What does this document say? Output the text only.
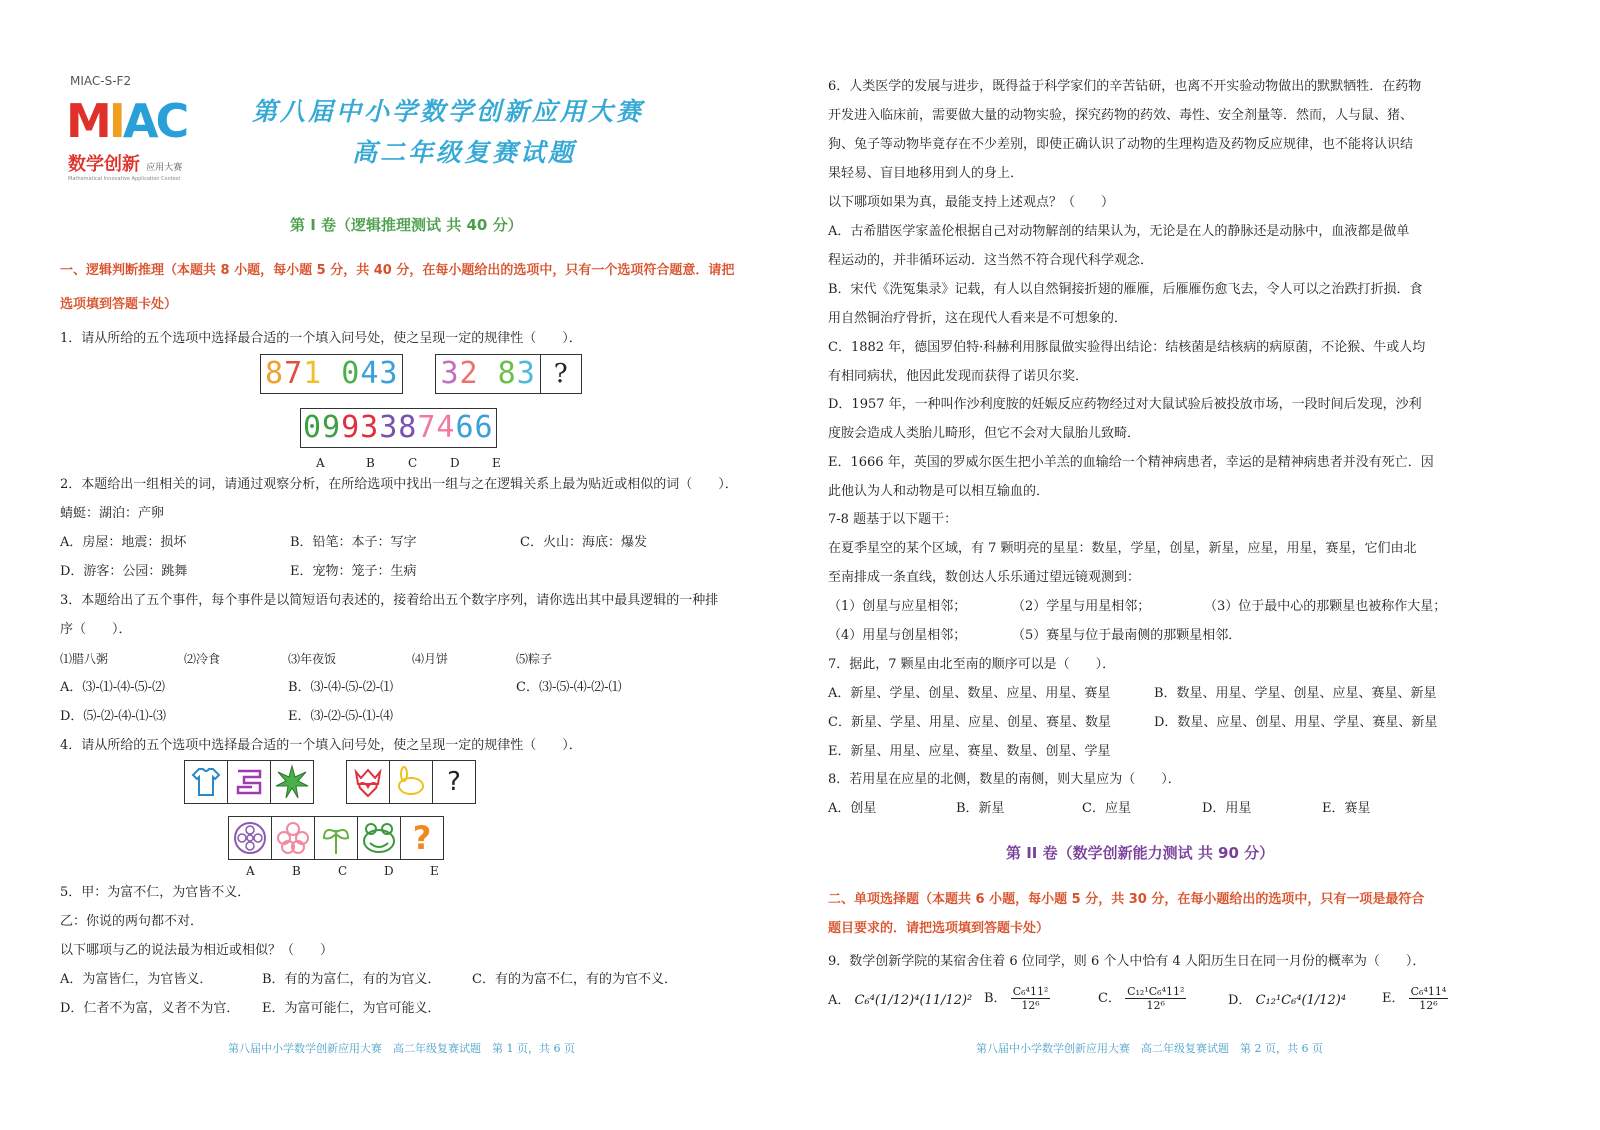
MIAC-S-F2
MIAC
数学创新 应用大赛
Mathematical Innovative Application Contest
第八届中小学数学创新应用大赛
高二年级复赛试题
第 I 卷（逻辑推理测试 共 40 分）
一、逻辑判断推理（本题共 8 小题，每小题 5 分，共 40 分，在每小题给出的选项中，只有一个选项符合题意．请把
选项填到答题卡处）
1．请从所给的五个选项中选择最合适的一个填入问号处，使之呈现一定的规律性（　　）．
871 043 32 83 ?
0993387466
A	B	C	D	E
2．本题给出一组相关的词，请通过观察分析，在所给选项中找出一组与之在逻辑关系上最为贴近或相似的词（　　）．
蜻蜓：湖泊：产卵
A．房屋：地震：损坏	B．铅笔：本子：写字	C．火山：海底：爆发
D．游客：公园：跳舞	E．宠物：笼子：生病
3．本题给出了五个事件，每个事件是以简短语句表述的，接着给出五个数字序列，请你选出其中最具逻辑的一种排
序（　　）．
⑴腊八粥	⑵冷食	⑶年夜饭	⑷月饼	⑸粽子
A．⑶-⑴-⑷-⑸-⑵	B．⑶-⑷-⑸-⑵-⑴	C．⑶-⑸-⑷-⑵-⑴
D．⑸-⑵-⑷-⑴-⑶	E．⑶-⑵-⑸-⑴-⑷
4．请从所给的五个选项中选择最合适的一个填入问号处，使之呈现一定的规律性（　　）．
?
?
A	B	C	D	E
5．甲：为富不仁，为官皆不义．
乙：你说的两句都不对．
以下哪项与乙的说法最为相近或相似？（　　）
A．为富皆仁，为官皆义．	B．有的为富仁，有的为官义． C．有的为富不仁，有的为官不义．
D．仁者不为富，义者不为官． E．为富可能仁，为官可能义．
第八届中小学数学创新应用大赛　高二年级复赛试题　第 1 页，共 6 页
6．人类医学的发展与进步，既得益于科学家们的辛苦钻研，也离不开实验动物做出的默默牺牲．在药物
开发进入临床前，需要做大量的动物实验，探究药物的药效、毒性、安全剂量等．然而，人与鼠、猪、
狗、兔子等动物毕竟存在不少差别，即使正确认识了动物的生理构造及药物反应规律，也不能将认识结
果轻易、盲目地移用到人的身上．
以下哪项如果为真，最能支持上述观点？（　　）
A．古希腊医学家盖伦根据自己对动物解剖的结果认为，无论是在人的静脉还是动脉中，血液都是做单
程运动的，并非循环运动．这当然不符合现代科学观念．
B．宋代《洗冤集录》记载，有人以自然铜接折翅的雁雁，后雁雁伤愈飞去，令人可以之治跌打折损．食
用自然铜治疗骨折，这在现代人看来是不可想象的．
C．1882 年，德国罗伯特·科赫利用豚鼠做实验得出结论：结核菌是结核病的病原菌，不论猴、牛或人均
有相同病状，他因此发现而获得了诺贝尔奖．
D．1957 年，一种叫作沙利度胺的妊娠反应药物经过对大鼠试验后被投放市场，一段时间后发现，沙利
度胺会造成人类胎儿畸形，但它不会对大鼠胎儿致畸．
E．1666 年，英国的罗威尔医生把小羊羔的血输给一个精神病患者，幸运的是精神病患者并没有死亡．因
此他认为人和动物是可以相互输血的．
7-8 题基于以下题干：
在夏季星空的某个区域，有 7 颗明亮的星星：数星，学星，创星，新星，应星，用星，赛星，它们由北
至南排成一条直线，数创达人乐乐通过望远镜观测到：
（1）创星与应星相邻；	（2）学星与用星相邻；	（3）位于最中心的那颗星也被称作大星；
（4）用星与创星相邻；	（5）赛星与位于最南侧的那颗星相邻．
7．据此，7 颗星由北至南的顺序可以是（　　）．
A．新星、学星、创星、数星、应星、用星、赛星	B．数星、用星、学星、创星、应星、赛星、新星
C．新星、学星、用星、应星、创星、赛星、数星	D．数星、应星、创星、用星、学星、赛星、新星
E．新星、用星、应星、赛星、数星、创星、学星
8．若用星在应星的北侧，数星的南侧，则大星应为（　　）．
A．创星	B．新星	C．应星	D．用星	E．赛星
第 II 卷（数学创新能力测试 共 90 分）
二、单项选择题（本题共 6 小题，每小题 5 分，共 30 分，在每小题给出的选项中，只有一项是最符合
题目要求的．请把选项填到答题卡处）
9．数学创新学院的某宿舍住着 6 位同学，则 6 个人中恰有 4 人阳历生日在同一月份的概率为（　　）．
A． C₆⁴(1/12)⁴(11/12)² B． $\frac{\text{C₆⁴11²}}{\text{12⁶}}$	C． $\frac{\text{C₁₂¹C₆⁴11²}}{\text{12⁶}}$	D． C₁₂¹C₆⁴(1/12)⁴	E． $\frac{\text{C₆⁴11⁴}}{\text{12⁶}}$
第八届中小学数学创新应用大赛　高二年级复赛试题　第 2 页，共 6 页
